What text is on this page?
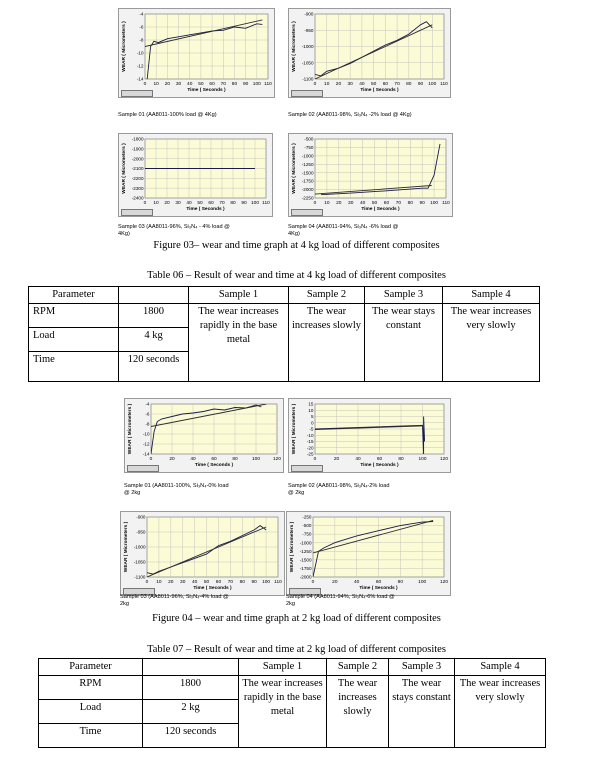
0 10 20 30 40 50 60 70 80 90 100 110
-4
-6
-8
-10
-12
-14
Time ( Seconds )
WEAR ( Micrometers )
Sample 01 (AA8011-100% load @ 4Kg)
0 10 20 30 40 50 60 70 80 90 100 110
-900
-950
-1000
-1050
-1100
Time ( Seconds )
WEAR ( Micrometers )
Sample 02 (AA8011-98%, Si₃N₄ -2% load @ 4Kg)
0 10 20 30 40 50 60 70 80 90 100 110
-1800
-1900
-2000
-2100
-2200
-2300
-2400
Time ( Seconds )
WEAR ( Micrometers )
Sample 03 (AA8011-96%, Si₃N₄ - 4% load @
4Kg)
0 10 20 30 40 50 60 70 80 90 100 110
-500
-750
-1000
-1250
-1500
-1750
-2000
-2250
Time ( Seconds )
WEAR ( Micrometers )
Sample 04 (AA8011-94%, Si₃N₄ -6% load @
4Kg)
0	20	40	60	80	100	120
-4
-6
-8
-10
-12
-14
Time ( Seconds )
WEAR ( Micrometers )
Sample 01 (AA8011-100%, Si₃N₄-0% load
@ 2kg
0	20	40	60	80	100	120
15
10
5
0
-5
-10
-15
-20
-25
Time ( Seconds )
WEAR ( Micrometers )
Sample 02 (AA8011-98%, Si₃N₄-2% load
@ 2kg
0 10 20 30 40 50 60 70 80 90 100 110
-900
-950
-1000
-1050
-1100
Time ( Seconds )
WEAR ( Micrometers )
Sample 03 (AA8011-96%, Si₃N₄-4% load @
2kg
0	20	40	60	80	100	120
-250
-500
-750
-1000
-1250
-1500
-1750
-2000
Time ( Seconds )
WEAR ( Micrometers )
Sample 04 (AA8011-94%, Si₃N₄-6% load @
2kg
Figure 03– wear and time graph at 4 kg load of different composites
Table 06 – Result of wear and time at 4 kg load of different composites
Parameter		Sample 1	Sample 2	Sample 3	Sample 4
RPM	1800	The wear increases rapidly in the base metal	The wear increases slowly	The wear stays constant	The wear increases very slowly
Load	4 kg				
Time	120 seconds				
Figure 04 – wear and time graph at 2 kg load of different composites
Table 07 – Result of wear and time at 2 kg load of different composites
Parameter		Sample 1	Sample 2	Sample 3	Sample 4
RPM	1800	The wear increases rapidly in the base metal	The wear increases slowly	The wear stays constant	The wear increases very slowly
Load	2 kg				
Time	120 seconds				
